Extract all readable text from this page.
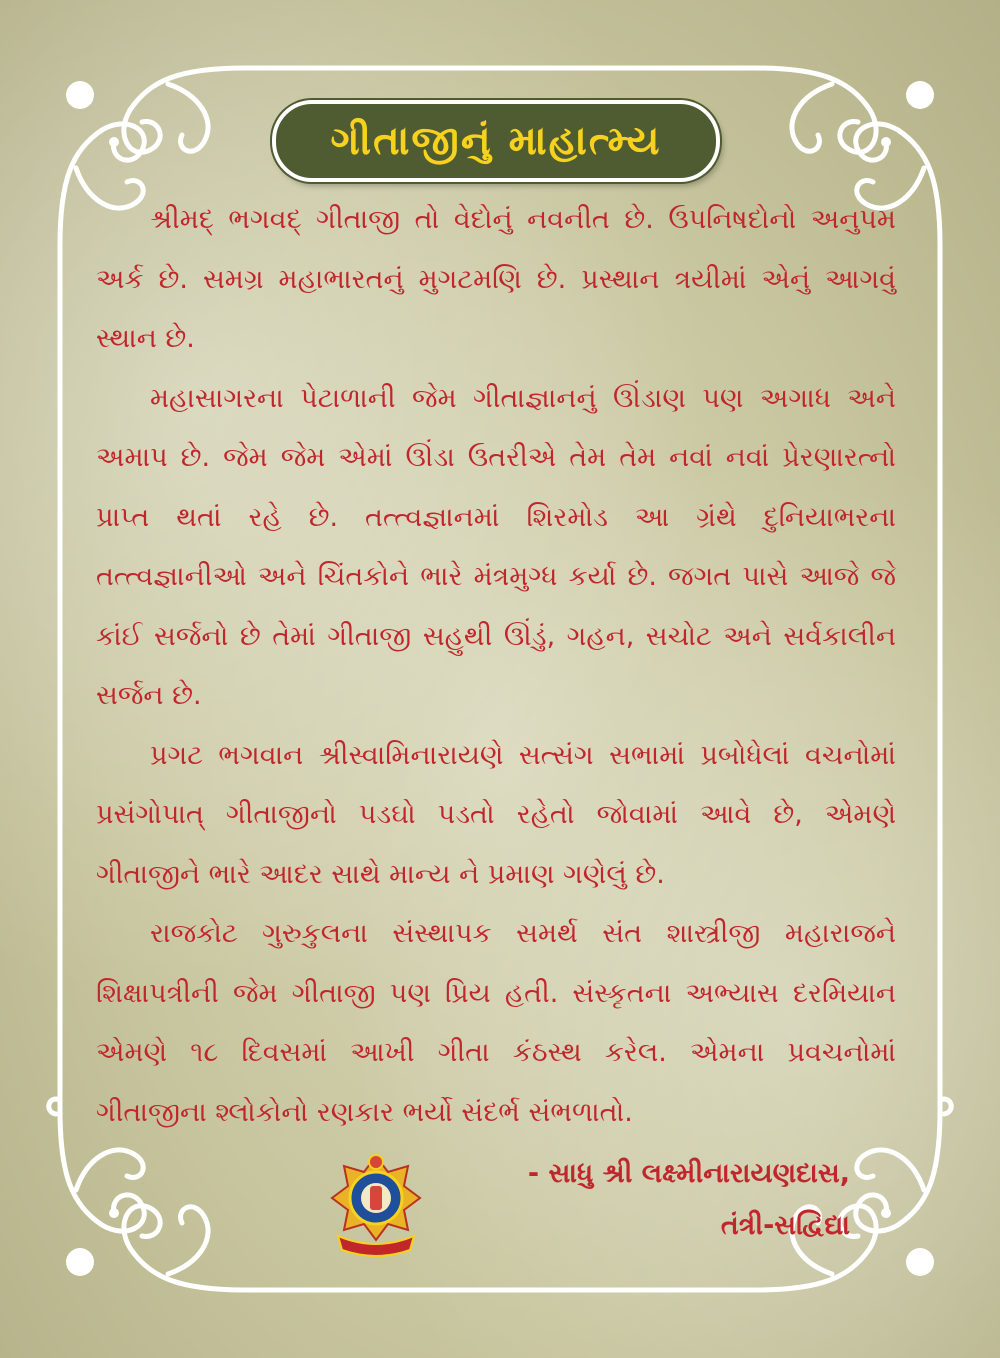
ગીતાજીનું માહાત્મ્ય

શ્રીમદ્ ભગવદ્ ગીતાજી તો વેદોનું નવનીત છે. ઉપનિષદોનો અનુપમ અર્ક છે. સમગ્ર મહાભારતનું મુગટમણિ છે. પ્રસ્થાન ત્રયીમાં એનું આગવું સ્થાન છે.

મહાસાગરના પેટાળાની જેમ ગીતાજ્ઞાનનું ઊંડાણ પણ અગાધ અને અમાપ છે. જેમ જેમ એમાં ઊંડા ઉતરીએ તેમ તેમ નવાં નવાં પ્રેરણારત્નો પ્રાપ્ત થતાં રહે છે. તત્ત્વજ્ઞાનમાં શિરમોડ આ ગ્રંથે દુનિયાભરના તત્ત્વજ્ઞાનીઓ અને ચિંતકોને ભારે મંત્રમુગ્ધ કર્યા છે. જગત પાસે આજે જે કાંઈ સર્જનો છે તેમાં ગીતાજી સહુથી ઊંડું, ગહન, સચોટ અને સર્વકાલીન સર્જન છે.

પ્રગટ ભગવાન શ્રીસ્વામિનારાયણે સત્સંગ સભામાં પ્રબોધેલાં વચનોમાં પ્રસંગોપાત્ ગીતાજીનો પડઘો પડતો રહેતો જોવામાં આવે છે, એમણે ગીતાજીને ભારે આદર સાથે માન્ય ને પ્રમાણ ગણેલું છે.

રાજકોટ ગુરુકુલના સંસ્થાપક સમર્થ સંત શાસ્ત્રીજી મહારાજને શિક્ષાપત્રીની જેમ ગીતાજી પણ પ્રિય હતી. સંસ્કૃતના અભ્યાસ દરમિયાન એમણે ૧૮ દિવસમાં આખી ગીતા કંઠસ્થ કરેલ. એમના પ્રવચનોમાં ગીતાજીના શ્લોકોનો રણકાર ભર્યો સંદર્ભ સંભળાતો.

- સાધુ શ્રી લક્ષ્મીનારાયણદાસ,
તંત્રી-સદ્વિદ્યા
